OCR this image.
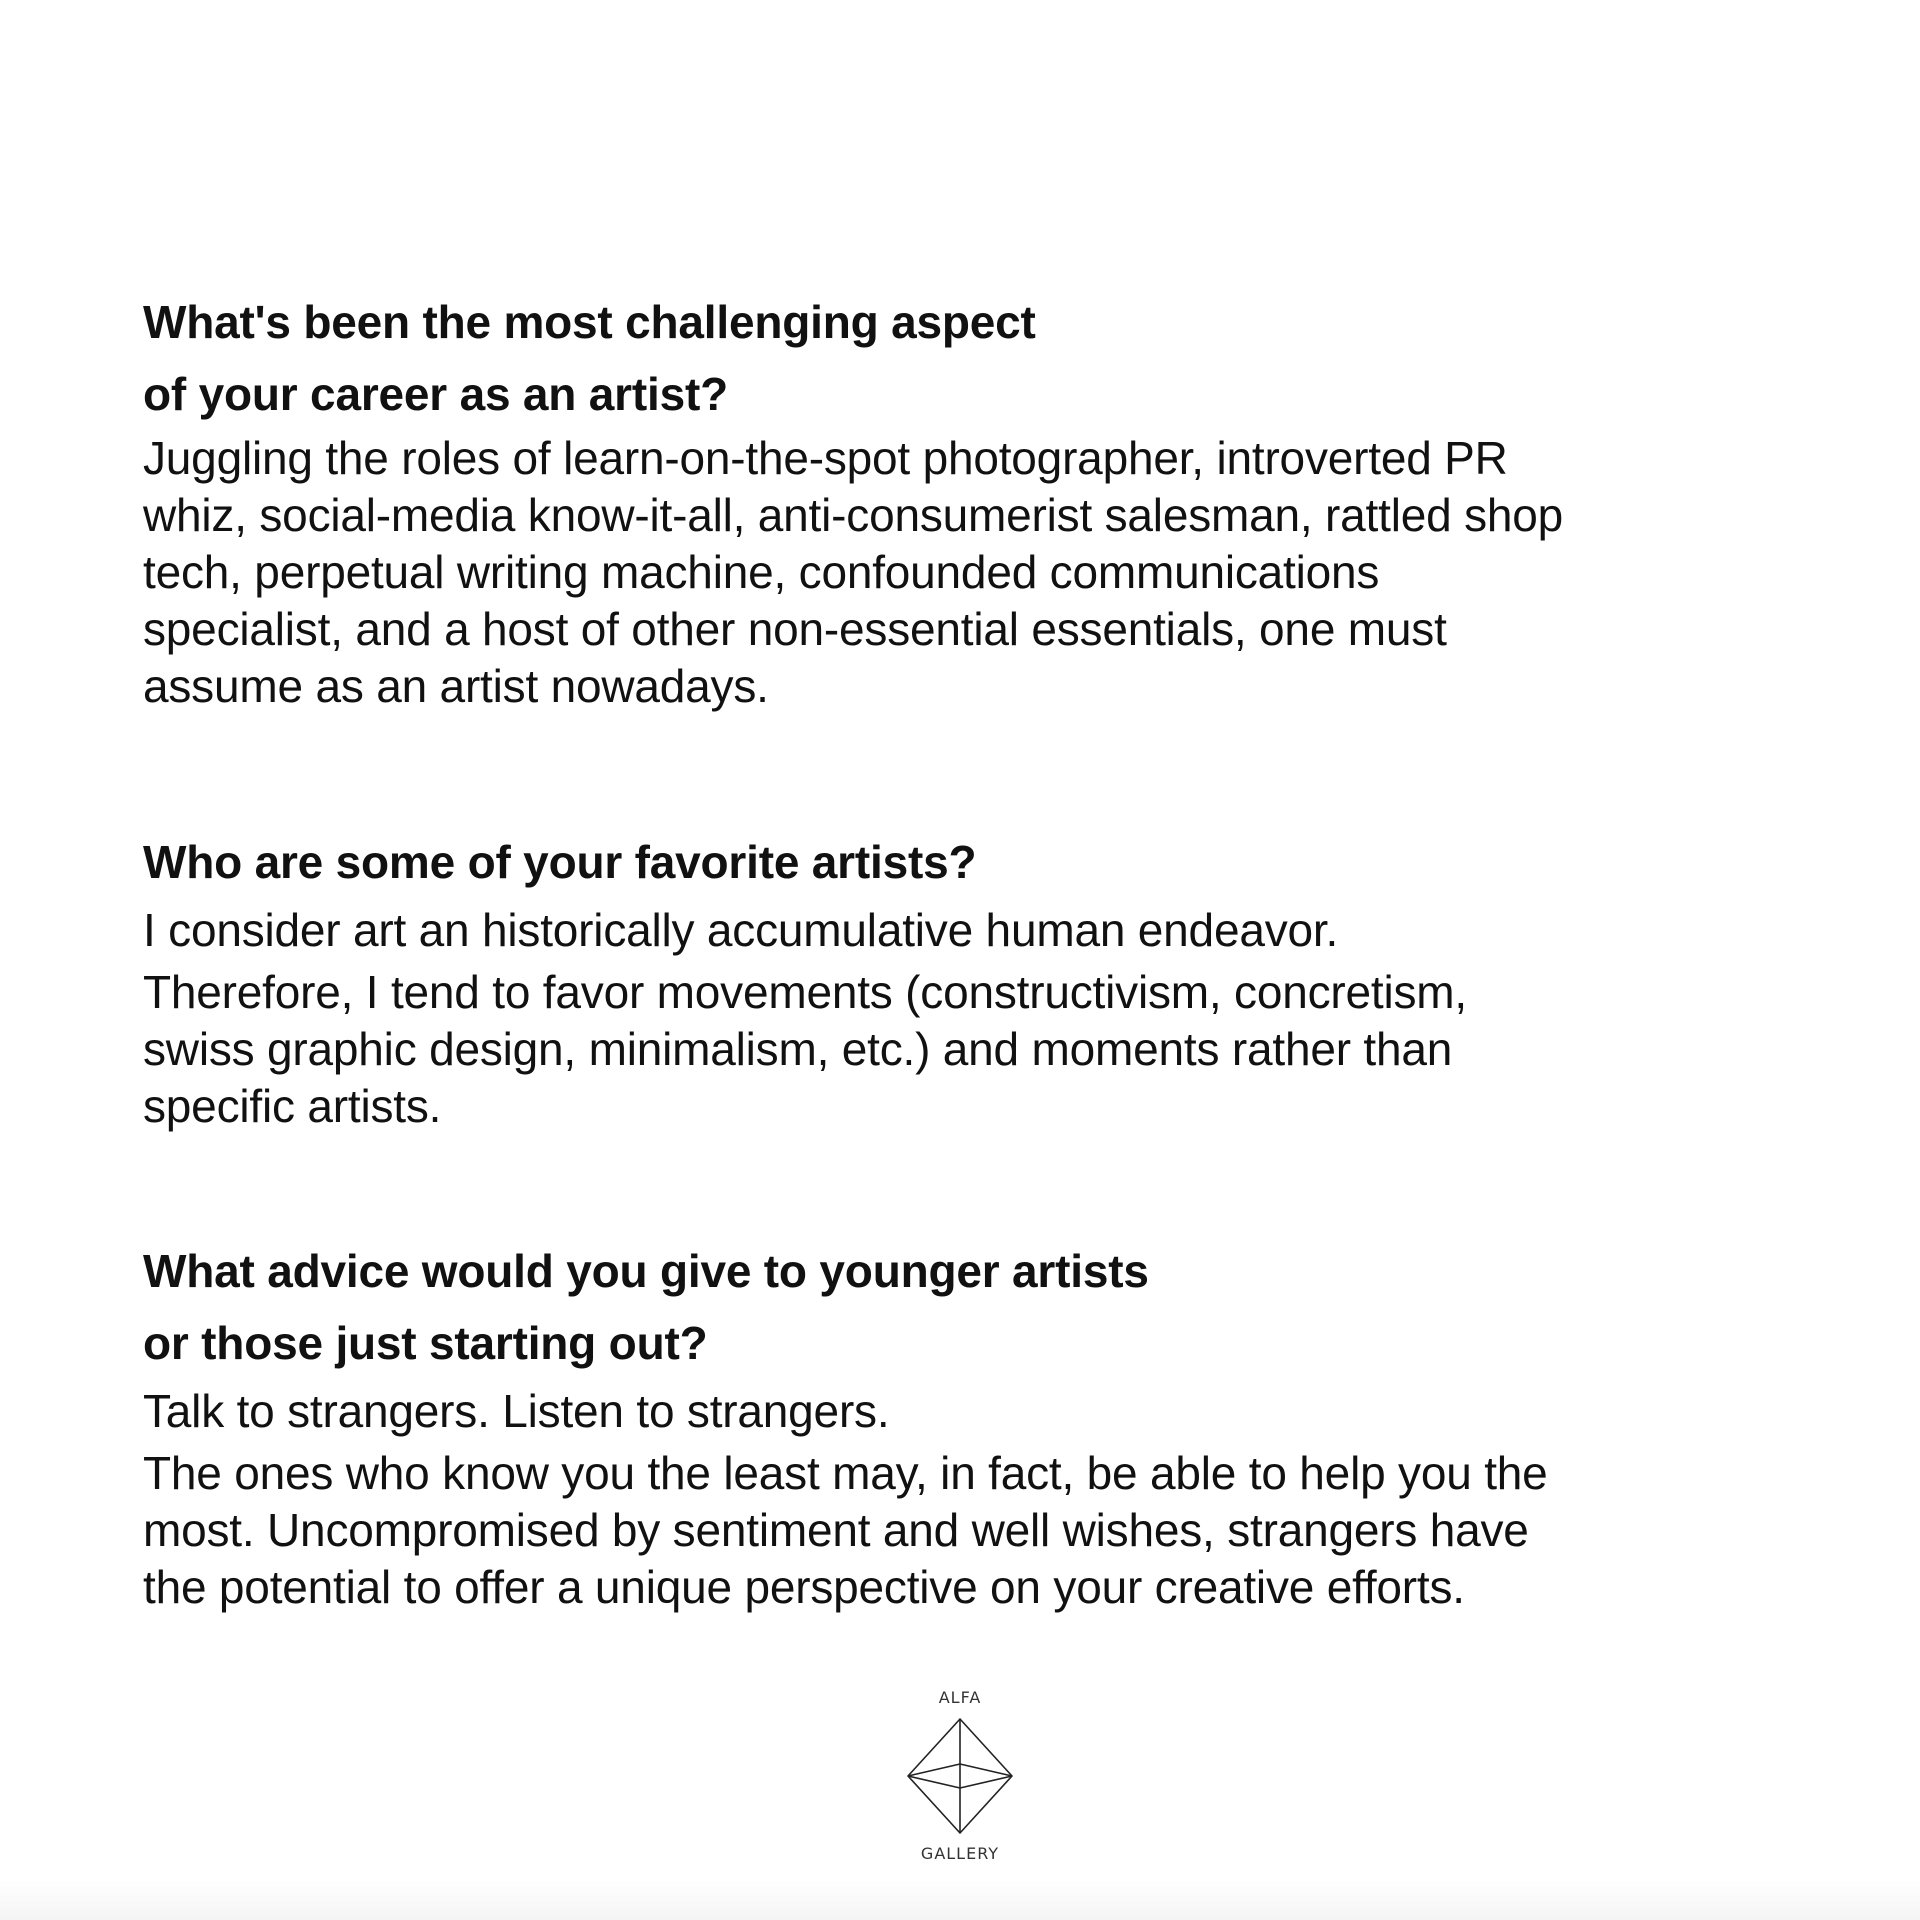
What's been the most challenging aspect
of your career as an artist?

Juggling the roles of learn-on-the-spot photographer, introverted PR
whiz, social-media know-it-all, anti-consumerist salesman, rattled shop
tech, perpetual writing machine, confounded communications
specialist, and a host of other non-essential essentials, one must
assume as an artist nowadays.

Who are some of your favorite artists?

I consider art an historically accumulative human endeavor.
Therefore, I tend to favor movements (constructivism, concretism,
swiss graphic design, minimalism, etc.) and moments rather than
specific artists.

What advice would you give to younger artists
or those just starting out?

Talk to strangers. Listen to strangers.
The ones who know you the least may, in fact, be able to help you the
most. Uncompromised by sentiment and well wishes, strangers have
the potential to offer a unique perspective on your creative efforts.

ALFA
GALLERY
